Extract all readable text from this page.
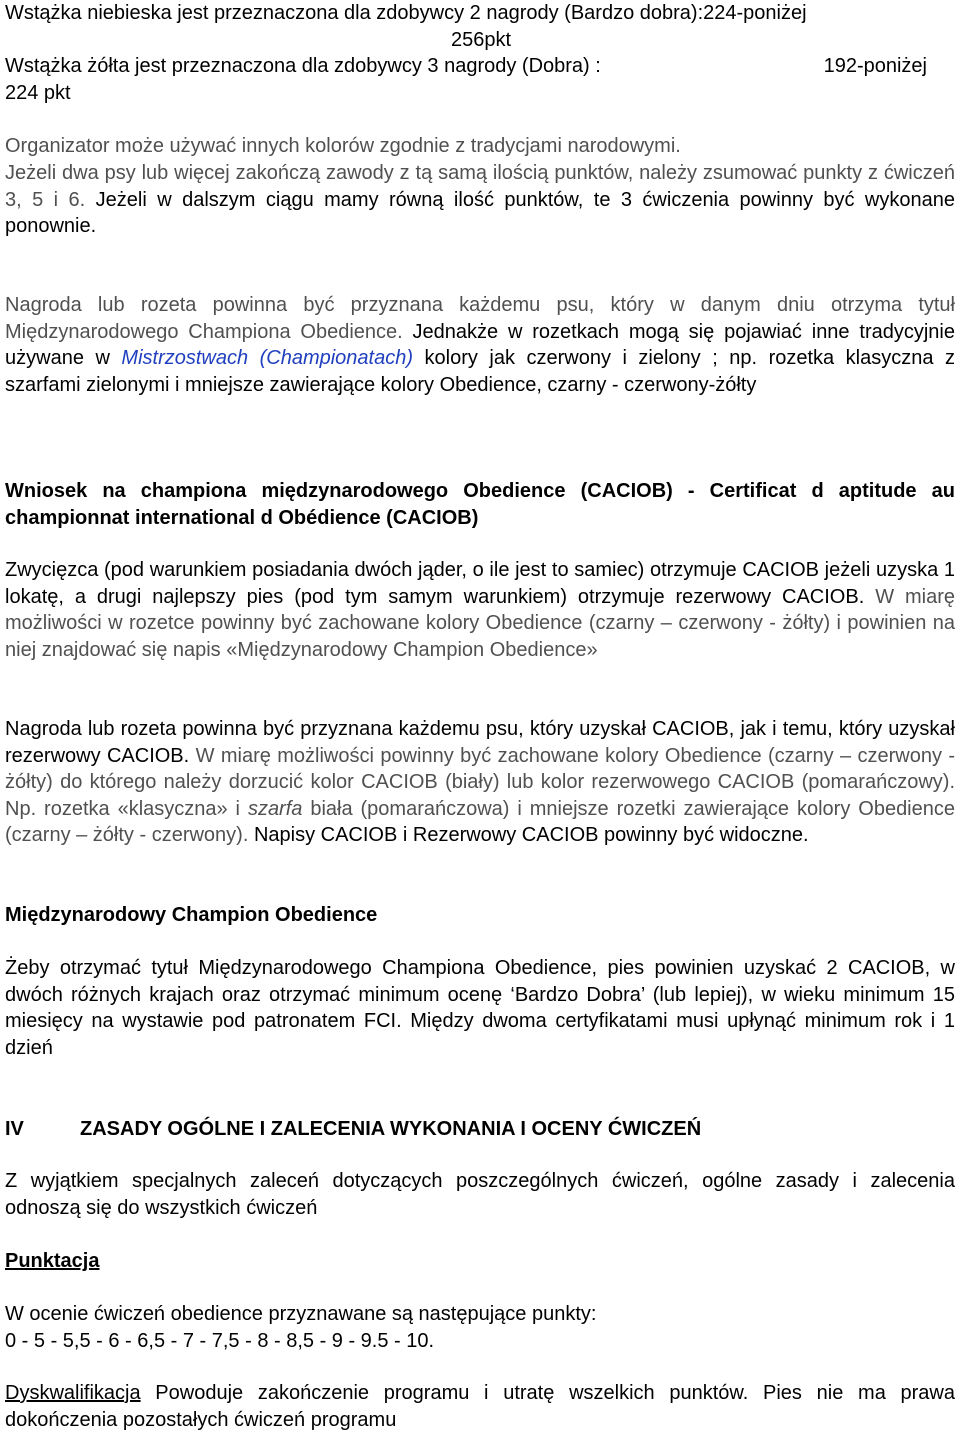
Wstążka niebieska jest przeznaczona dla zdobywcy 2 nagrody (Bardzo dobra):224-poniżej
256pkt
Wstążka żółta jest przeznaczona dla zdobywcy 3 nagrody (Dobra) :	192-poniżej
224 pkt

Organizator może używać innych kolorów zgodnie z tradycjami narodowymi.

Jeżeli dwa psy lub więcej zakończą zawody z tą samą ilością punktów, należy zsumować punkty z ćwiczeń 3, 5 i 6. Jeżeli w dalszym ciągu mamy równą ilość punktów, te 3 ćwiczenia powinny być wykonane ponownie.

Nagroda lub rozeta powinna być przyznana każdemu psu, który w danym dniu otrzyma tytuł Międzynarodowego Championa Obedience. Jednakże w rozetkach mogą się pojawiać inne tradycyjnie używane w Mistrzostwach (Championatach) kolory jak czerwony i zielony ; np. rozetka klasyczna z szarfami zielonymi i mniejsze zawierające kolory Obedience, czarny - czerwony-żółty

Wniosek na championa międzynarodowego Obedience (CACIOB) - Certificat d aptitude au championnat international d Obédience (CACIOB)

Zwycięzca (pod warunkiem posiadania dwóch jąder, o ile jest to samiec) otrzymuje CACIOB jeżeli uzyska 1 lokatę, a drugi najlepszy pies (pod tym samym warunkiem) otrzymuje rezerwowy CACIOB. W miarę możliwości w rozetce powinny być zachowane kolory Obedience (czarny – czerwony - żółty) i powinien na niej znajdować się napis «Międzynarodowy Champion Obedience»

Nagroda lub rozeta powinna być przyznana każdemu psu, który uzyskał CACIOB, jak i temu, który uzyskał rezerwowy CACIOB. W miarę możliwości powinny być zachowane kolory Obedience (czarny – czerwony - żółty) do którego należy dorzucić kolor CACIOB (biały) lub kolor rezerwowego CACIOB (pomarańczowy). Np. rozetka «klasyczna» i szarfa biała (pomarańczowa) i mniejsze rozetki zawierające kolory Obedience (czarny – żółty - czerwony). Napisy CACIOB i Rezerwowy CACIOB powinny być widoczne.

Międzynarodowy Champion Obedience

Żeby otrzymać tytuł Międzynarodowego Championa Obedience, pies powinien uzyskać 2 CACIOB, w dwóch różnych krajach oraz otrzymać minimum ocenę ‘Bardzo Dobra’ (lub lepiej), w wieku minimum 15 miesięcy na wystawie pod patronatem FCI. Między dwoma certyfikatami musi upłynąć minimum rok i 1 dzień

IV	ZASADY OGÓLNE I ZALECENIA WYKONANIA I OCENY ĆWICZEŃ

Z wyjątkiem specjalnych zaleceń dotyczących poszczególnych ćwiczeń, ogólne zasady i zalecenia odnoszą się do wszystkich ćwiczeń

Punktacja

W ocenie ćwiczeń obedience przyznawane są następujące punkty:
0 - 5 - 5,5 - 6 - 6,5 - 7 - 7,5 - 8 - 8,5 - 9 - 9.5 - 10.

Dyskwalifikacja Powoduje zakończenie programu i utratę wszelkich punktów. Pies nie ma prawa dokończenia pozostałych ćwiczeń programu
